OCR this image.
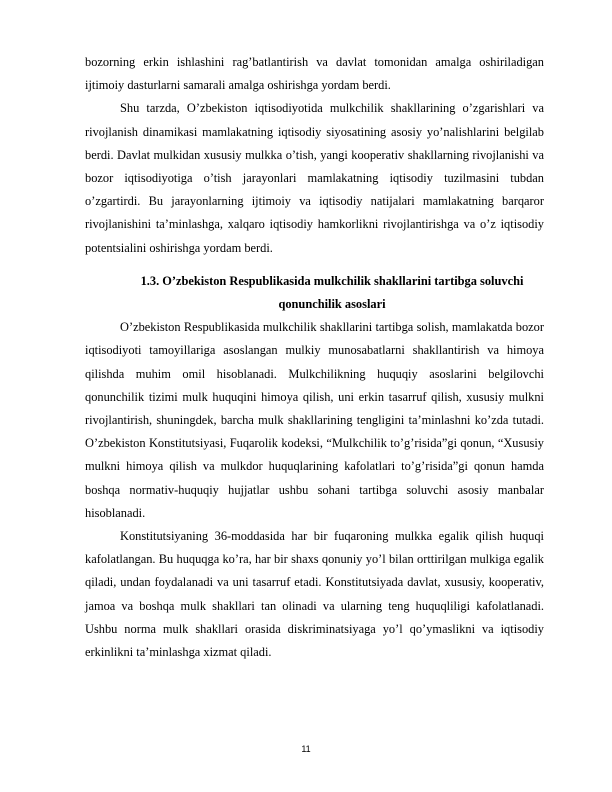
bozorning erkin ishlashini rag’batlantirish va davlat tomonidan amalga oshiriladigan ijtimoiy dasturlarni samarali amalga oshirishga yordam berdi.

Shu tarzda, O’zbekiston iqtisodiyotida mulkchilik shakllarining o’zgarishlari va rivojlanish dinamikasi mamlakatning iqtisodiy siyosatining asosiy yo’nalishlarini belgilab berdi. Davlat mulkidan xususiy mulkka o’tish, yangi kooperativ shakllarning rivojlanishi va bozor iqtisodiyotiga o’tish jarayonlari mamlakatning iqtisodiy tuzilmasini tubdan o’zgartirdi. Bu jarayonlarning ijtimoiy va iqtisodiy natijalari mamlakatning barqaror rivojlanishini ta’minlashga, xalqaro iqtisodiy hamkorlikni rivojlantirishga va o’z iqtisodiy potentsialini oshirishga yordam berdi.

1.3. O’zbekiston Respublikasida mulkchilik shakllarini tartibga soluvchi qonunchilik asoslari

O’zbekiston Respublikasida mulkchilik shakllarini tartibga solish, mamlakatda bozor iqtisodiyoti tamoyillariga asoslangan mulkiy munosabatlarni shakllantirish va himoya qilishda muhim omil hisoblanadi. Mulkchilikning huquqiy asoslarini belgilovchi qonunchilik tizimi mulk huquqini himoya qilish, uni erkin tasarruf qilish, xususiy mulkni rivojlantirish, shuningdek, barcha mulk shakllarining tengligini ta’minlashni ko’zda tutadi. O’zbekiston Konstitutsiyasi, Fuqarolik kodeksi, “Mulkchilik to’g’risida”gi qonun, “Xususiy mulkni himoya qilish va mulkdor huquqlarining kafolatlari to’g’risida”gi qonun hamda boshqa normativ-huquqiy hujjatlar ushbu sohani tartibga soluvchi asosiy manbalar hisoblanadi.

Konstitutsiyaning 36-moddasida har bir fuqaroning mulkka egalik qilish huquqi kafolatlangan. Bu huquqga ko’ra, har bir shaxs qonuniy yo’l bilan orttirilgan mulkiga egalik qiladi, undan foydalanadi va uni tasarruf etadi. Konstitutsiyada davlat, xususiy, kooperativ, jamoa va boshqa mulk shakllari tan olinadi va ularning teng huquqliligi kafolatlanadi. Ushbu norma mulk shakllari orasida diskriminatsiyaga yo’l qo’ymaslikni va iqtisodiy erkinlikni ta’minlashga xizmat qiladi.

11
